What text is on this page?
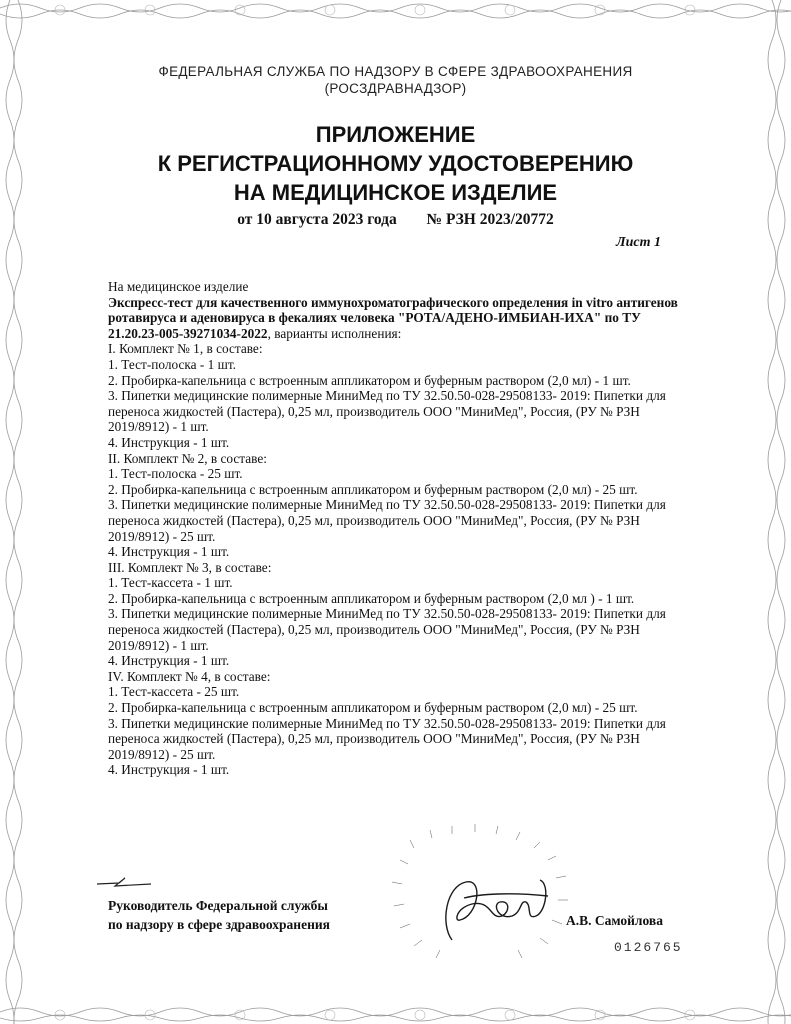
ФЕДЕРАЛЬНАЯ СЛУЖБА ПО НАДЗОРУ В СФЕРЕ ЗДРАВООХРАНЕНИЯ
(РОСЗДРАВНАДЗОР)
ПРИЛОЖЕНИЕ
К РЕГИСТРАЦИОННОМУ УДОСТОВЕРЕНИЮ
НА МЕДИЦИНСКОЕ ИЗДЕЛИЕ
от 10 августа 2023 года № РЗН 2023/20772
Лист 1

На медицинское изделие

Экспресс-тест для качественного иммунохроматографического определения in vitro антигенов ротавируса и аденовируса в фекалиях человека "РОТА/АДЕНО-ИМБИАН-ИХА" по ТУ 21.20.23-005-39271034-2022, варианты исполнения:

I. Комплект № 1, в составе:

1. Тест-полоска - 1 шт.

2. Пробирка-капельница с встроенным аппликатором и буферным раствором (2,0 мл) - 1 шт.

3. Пипетки медицинские полимерные МиниМед по ТУ 32.50.50-028-29508133- 2019: Пипетки для переноса жидкостей (Пастера), 0,25 мл, производитель ООО "МиниМед", Россия, (РУ № РЗН 2019/8912) - 1 шт.

4. Инструкция - 1 шт.

II. Комплект № 2, в составе:

1. Тест-полоска - 25 шт.

2. Пробирка-капельница с встроенным аппликатором и буферным раствором (2,0 мл) - 25 шт.

3. Пипетки медицинские полимерные МиниМед по ТУ 32.50.50-028-29508133- 2019: Пипетки для переноса жидкостей (Пастера), 0,25 мл, производитель ООО "МиниМед", Россия, (РУ № РЗН 2019/8912) - 25 шт.

4. Инструкция - 1 шт.

III. Комплект № 3, в составе:

1. Тест-кассета - 1 шт.

2. Пробирка-капельница с встроенным аппликатором и буферным раствором (2,0 мл ) - 1 шт.

3. Пипетки медицинские полимерные МиниМед по ТУ 32.50.50-028-29508133- 2019: Пипетки для переноса жидкостей (Пастера), 0,25 мл, производитель ООО "МиниМед", Россия, (РУ № РЗН 2019/8912) - 1 шт.

4. Инструкция - 1 шт.

IV. Комплект № 4, в составе:

1. Тест-кассета - 25 шт.

2. Пробирка-капельница с встроенным аппликатором и буферным раствором (2,0 мл) - 25 шт.

3. Пипетки медицинские полимерные МиниМед по ТУ 32.50.50-028-29508133- 2019: Пипетки для переноса жидкостей (Пастера), 0,25 мл, производитель ООО "МиниМед", Россия, (РУ № РЗН 2019/8912) - 25 шт.

4. Инструкция - 1 шт.

Руководитель Федеральной службы
по надзору в сфере здравоохранения	А.В. Самойлова
0126765
